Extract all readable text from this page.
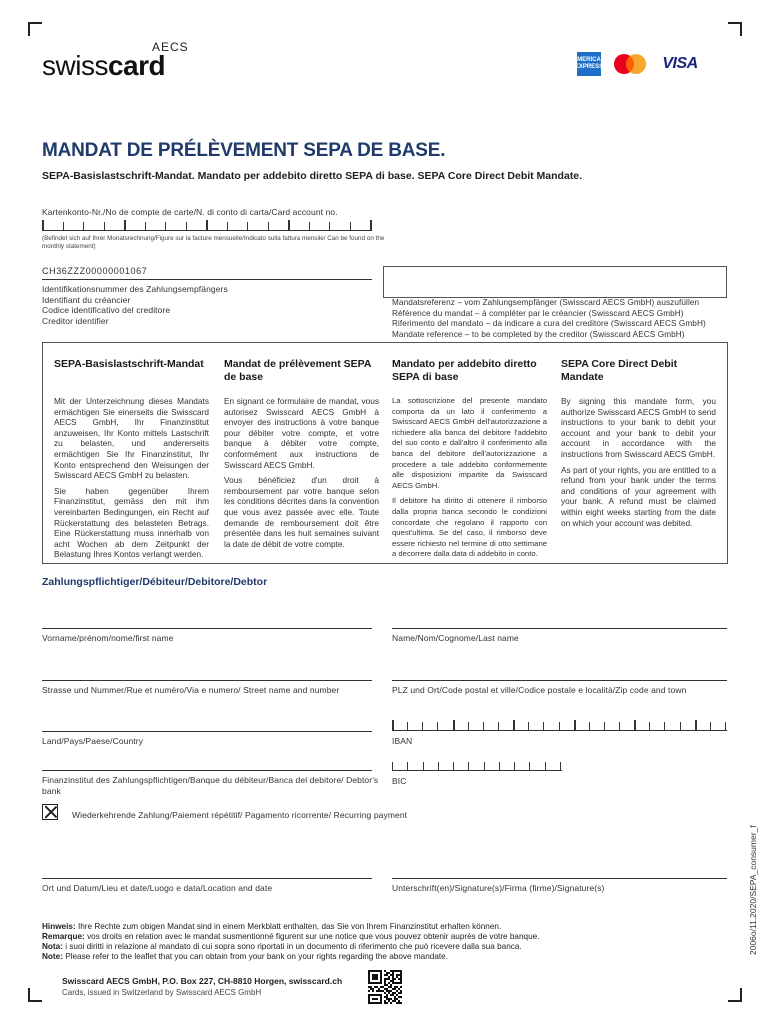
AECS
swisscard	AMERICAN EXPRESS	VISA
MANDAT DE PRÉLÈVEMENT SEPA DE BASE.
SEPA-Basislastschrift-Mandat. Mandato per addebito diretto SEPA di base. SEPA Core Direct Debit Mandate.
Kartenkonto-Nr./No de compte de carte/N. di conto di carta/Card account no.
(Befindet sich auf Ihrer Monatsrechnung/Figure sur la facture mensuelle/Indicato sulla fattura mensile/ Can be found on the monthly statement)
CH36ZZZ00000001067
Identifikationsnummer des Zahlungsempfängers
Identifiant du créancier
Codice identificativo del creditore
Creditor identifier
Mandatsreferenz – vom Zahlungsempfänger (Swisscard AECS GmbH) auszufüllen
Référence du mandat – à compléter par le créancier (Swisscard AECS GmbH)
Riferimento del mandato – da indicare a cura del creditore (Swisscard AECS GmbH)
Mandate reference – to be completed by the creditor (Swisscard AECS GmbH)
SEPA-Basislastschrift-Mandat
Mit der Unterzeichnung dieses Mandats ermächtigen Sie einerseits die Swisscard AECS GmbH, Ihr Finanzinstitut anzuweisen, Ihr Konto mittels Lastschrift zu belasten, und andererseits ermächtigen Sie Ihr Finanzinstitut, Ihr Konto entsprechend den Weisungen der Swisscard AECS GmbH zu belasten.
Sie haben gegenüber Ihrem Finanzinstitut, gemäss den mit ihm vereinbarten Bedingungen, ein Recht auf Rückerstattung des belasteten Betrags. Eine Rückerstattung muss innerhalb von acht Wochen ab dem Zeitpunkt der Belastung Ihres Kontos verlangt werden.
Mandat de prélèvement SEPA de base
En signant ce formulaire de mandat, vous autorisez Swisscard AECS GmbH à envoyer des instructions à votre banque pour débiter votre compte, et votre banque à débiter votre compte, conformément aux instructions de Swisscard AECS GmbH.
Vous bénéficiez d'un droit à remboursement par votre banque selon les conditions décrites dans la convention que vous avez passée avec elle. Toute demande de remboursement doit être présentée dans les huit semaines suivant la date de débit de votre compte.
Mandato per addebito diretto SEPA di base
La sottoscrizione del presente mandato comporta da un lato il conferimento a Swisscard AECS GmbH dell'autorizzazione a richiedere alla banca del debitore l'addebito del suo conto e dall'altro il conferimento alla banca del debitore dell'autorizzazione a procedere a tale addebito conformemente alle disposizioni impartite da Swisscard AECS GmbH.
Il debitore ha diritto di ottenere il rimborso dalla propria banca secondo le condizioni concordate che regolano il rapporto con quest'ultima. Se del caso, il rimborso deve essere richiesto nel termine di otto settimane a decorrere dalla data di addebito in conto.
SEPA Core Direct Debit Mandate
By signing this mandate form, you authorize Swisscard AECS GmbH to send instructions to your bank to debit your account and your bank to debit your account in accordance with the instructions from Swisscard AECS GmbH.
As part of your rights, you are entitled to a refund from your bank under the terms and conditions of your agreement with your bank. A refund must be claimed within eight weeks starting from the date on which your account was debited.
Zahlungspflichtiger/Débiteur/Debitore/Debtor
Vorname/prénom/nome/first name	Name/Nom/Cognome/Last name
Strasse und Nummer/Rue et numéro/Via e numero/ Street name and number	PLZ und Ort/Code postal et ville/Codice postale e località/Zip code and town
Land/Pays/Paese/Country	IBAN
Finanzinstitut des Zahlungspflichtigen/Banque du débiteur/Banca del debitore/ Debtor's bank
BIC
Wiederkehrende Zahlung/Paiement répétitif/ Pagamento ricorrente/ Recurring payment
Ort und Datum/Lieu et date/Luogo e data/Location and date	Unterschrift(en)/Signature(s)/Firma (firme)/Signature(s)	2006o/11.2020/SEPA_consumer_f
Hinweis: Ihre Rechte zum obigen Mandat sind in einem Merkblatt enthalten, das Sie von Ihrem Finanzinstitut erhalten können.
Remarque: vos droits en relation avec le mandat susmentionné figurent sur une notice que vous pouvez obtenir auprès de votre banque.
Nota: i suoi diritti in relazione al mandato di cui sopra sono riportati in un documento di riferimento che può ricevere dalla sua banca.
Note: Please refer to the leaflet that you can obtain from your bank on your rights regarding the above mandate.
Swisscard AECS GmbH, P.O. Box 227, CH-8810 Horgen, swisscard.ch
Cards, issued in Switzerland by Swisscard AECS GmbH
